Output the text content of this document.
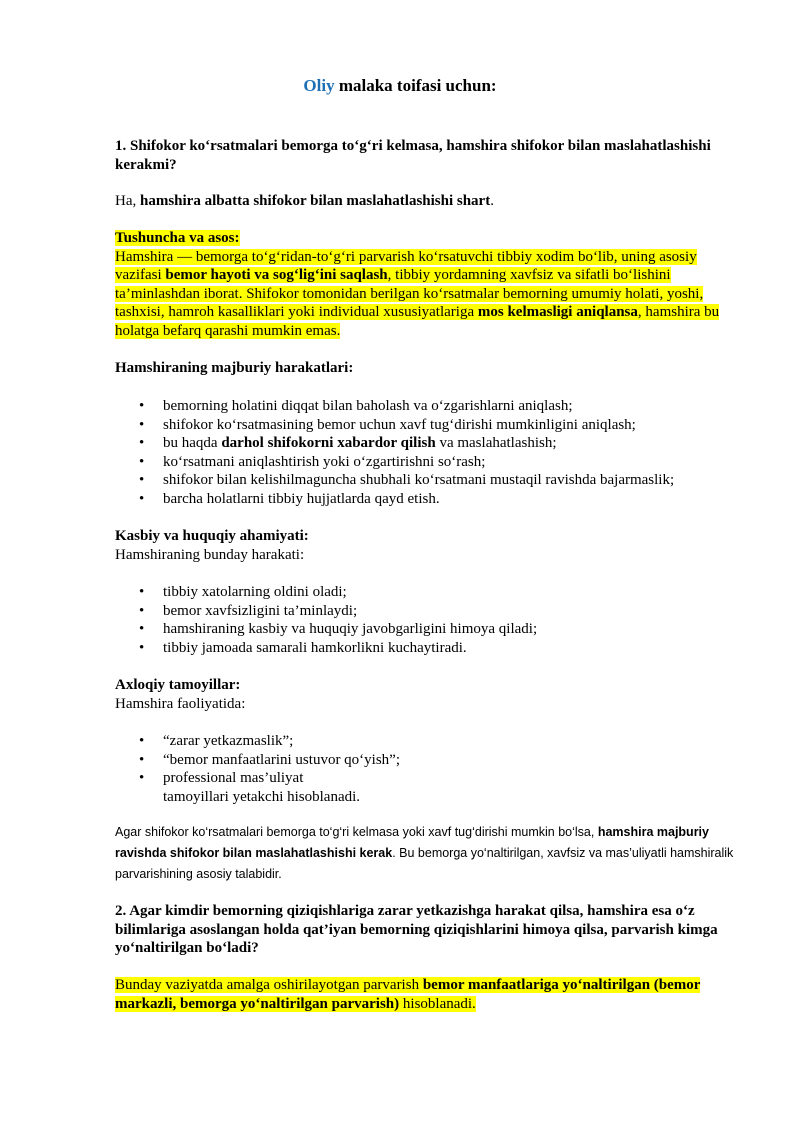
Oliy malaka toifasi uchun:
1. Shifokor ko‘rsatmalari bemorga to‘g‘ri kelmasa, hamshira shifokor bilan maslahatlashishi kerakmi?
Ha, hamshira albatta shifokor bilan maslahatlashishi shart.
Tushuncha va asos:
Hamshira — bemorga to‘g‘ridan-to‘g‘ri parvarish ko‘rsatuvchi tibbiy xodim bo‘lib, uning asosiy vazifasi bemor hayoti va sog‘lig‘ini saqlash, tibbiy yordamning xavfsiz va sifatli bo‘lishini ta’minlashdan iborat. Shifokor tomonidan berilgan ko‘rsatmalar bemorning umumiy holati, yoshi, tashxisi, hamroh kasalliklari yoki individual xususiyatlariga mos kelmasligi aniqlansa, hamshira bu holatga befarq qarashi mumkin emas.
Hamshiraning majburiy harakatlari:
• bemorning holatini diqqat bilan baholash va o‘zgarishlarni aniqlash;
• shifokor ko‘rsatmasining bemor uchun xavf tug‘dirishi mumkinligini aniqlash;
• bu haqda darhol shifokorni xabardor qilish va maslahatlashish;
• ko‘rsatmani aniqlashtirish yoki o‘zgartirishni so‘rash;
• shifokor bilan kelishilmaguncha shubhali ko‘rsatmani mustaqil ravishda bajarmaslik;
• barcha holatlarni tibbiy hujjatlarda qayd etish.
Kasbiy va huquqiy ahamiyati:
Hamshiraning bunday harakati:
• tibbiy xatolarning oldini oladi;
• bemor xavfsizligini ta’minlaydi;
• hamshiraning kasbiy va huquqiy javobgarligini himoya qiladi;
• tibbiy jamoada samarali hamkorlikni kuchaytiradi.
Axloqiy tamoyillar:
Hamshira faoliyatida:
• “zarar yetkazmaslik”;
• “bemor manfaatlarini ustuvor qo‘yish”;
• professional mas’uliyat
tamoyillari yetakchi hisoblanadi.
Agar shifokor ko‘rsatmalari bemorga to‘g‘ri kelmasa yoki xavf tug‘dirishi mumkin bo‘lsa, hamshira majburiy ravishda shifokor bilan maslahatlashishi kerak. Bu bemorga yo‘naltirilgan, xavfsiz va mas’uliyatli hamshiralik parvarishining asosiy talabidir.
2. Agar kimdir bemorning qiziqishlariga zarar yetkazishga harakat qilsa, hamshira esa o‘z bilimlariga asoslangan holda qat’iyan bemorning qiziqishlarini himoya qilsa, parvarish kimga yo‘naltirilgan bo‘ladi?
Bunday vaziyatda amalga oshirilayotgan parvarish bemor manfaatlariga yo‘naltirilgan (bemor markazli, bemorga yo‘naltirilgan parvarish) hisoblanadi.
